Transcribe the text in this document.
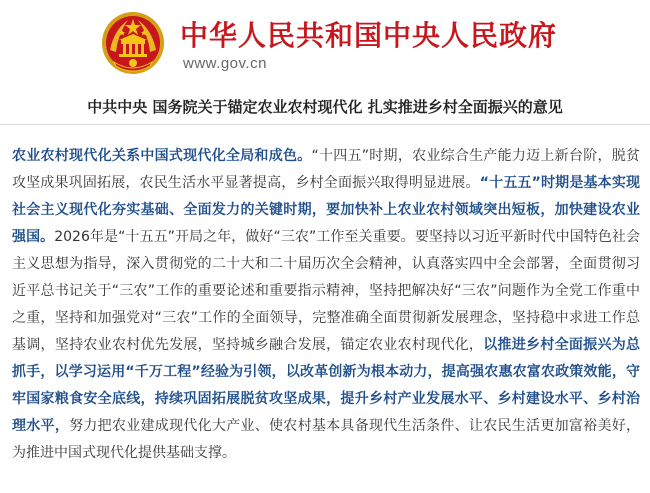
中华人民共和国中央人民政府
www.gov.cn
中共中央 国务院关于锚定农业农村现代化 扎实推进乡村全面振兴的意见

农业农村现代化关系中国式现代化全局和成色。“十四五”时期，农业综合生产能力迈上新台阶，脱贫攻坚成果巩固拓展，农民生活水平显著提高，乡村全面振兴取得明显进展。“十五五”时期是基本实现社会主义现代化夯实基础、全面发力的关键时期，要加快补上农业农村领域突出短板，加快建设农业强国。2026年是“十五五”开局之年，做好“三农”工作至关重要。要坚持以习近平新时代中国特色社会主义思想为指导，深入贯彻党的二十大和二十届历次全会精神，认真落实四中全会部署，全面贯彻习近平总书记关于“三农”工作的重要论述和重要指示精神，坚持把解决好“三农”问题作为全党工作重中之重，坚持和加强党对“三农”工作的全面领导，完整准确全面贯彻新发展理念，坚持稳中求进工作总基调，坚持农业农村优先发展，坚持城乡融合发展，锚定农业农村现代化，以推进乡村全面振兴为总抓手，以学习运用“千万工程”经验为引领，以改革创新为根本动力，提高强农惠农富农政策效能，守牢国家粮食安全底线，持续巩固拓展脱贫攻坚成果，提升乡村产业发展水平、乡村建设水平、乡村治理水平，努力把农业建成现代化大产业、使农村基本具备现代生活条件、让农民生活更加富裕美好，为推进中国式现代化提供基础支撑。
